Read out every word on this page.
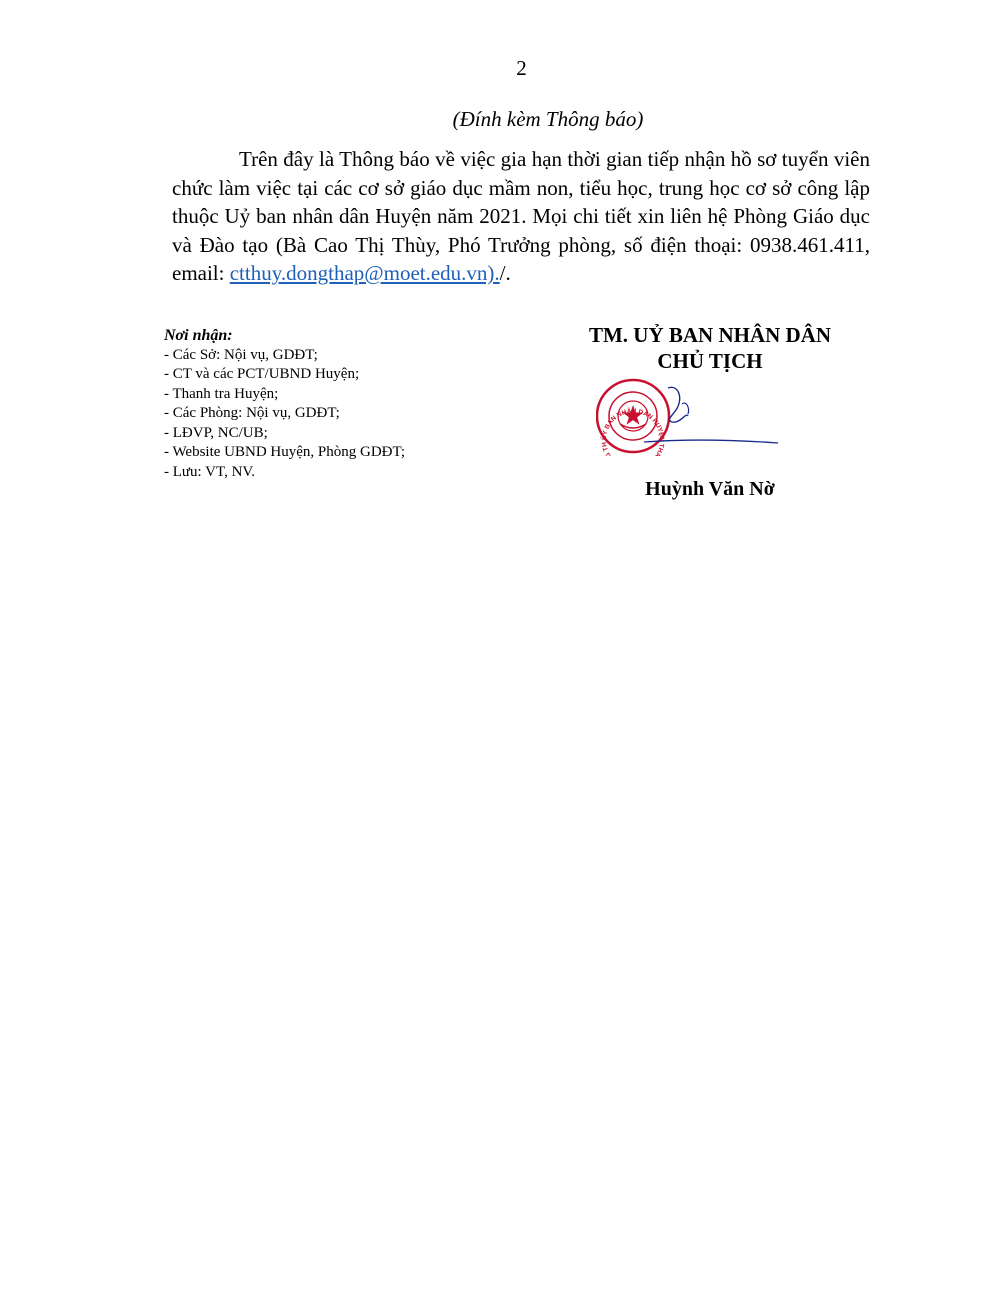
2
(Đính kèm Thông báo)
Trên đây là Thông báo về việc gia hạn thời gian tiếp nhận hồ sơ tuyển viên chức làm việc tại các cơ sở giáo dục mầm non, tiểu học, trung học cơ sở công lập thuộc Uỷ ban nhân dân Huyện năm 2021. Mọi chi tiết xin liên hệ Phòng Giáo dục và Đào tạo (Bà Cao Thị Thùy, Phó Trưởng phòng, số điện thoại: 0938.461.411, email: ctthuy.dongthap@moet.edu.vn)./.
Nơi nhận:
- Các Sở: Nội vụ, GDĐT;
- CT và các PCT/UBND Huyện;
- Thanh tra Huyện;
- Các Phòng: Nội vụ, GDĐT;
- LĐVP, NC/UB;
- Website UBND Huyện, Phòng GDĐT;
- Lưu: VT, NV.
TM. UỶ BAN NHÂN DÂN
CHỦ TỊCH
ỦY BAN NHÂN DÂN HUYỆN THA G TH
Huỳnh Văn Nờ
